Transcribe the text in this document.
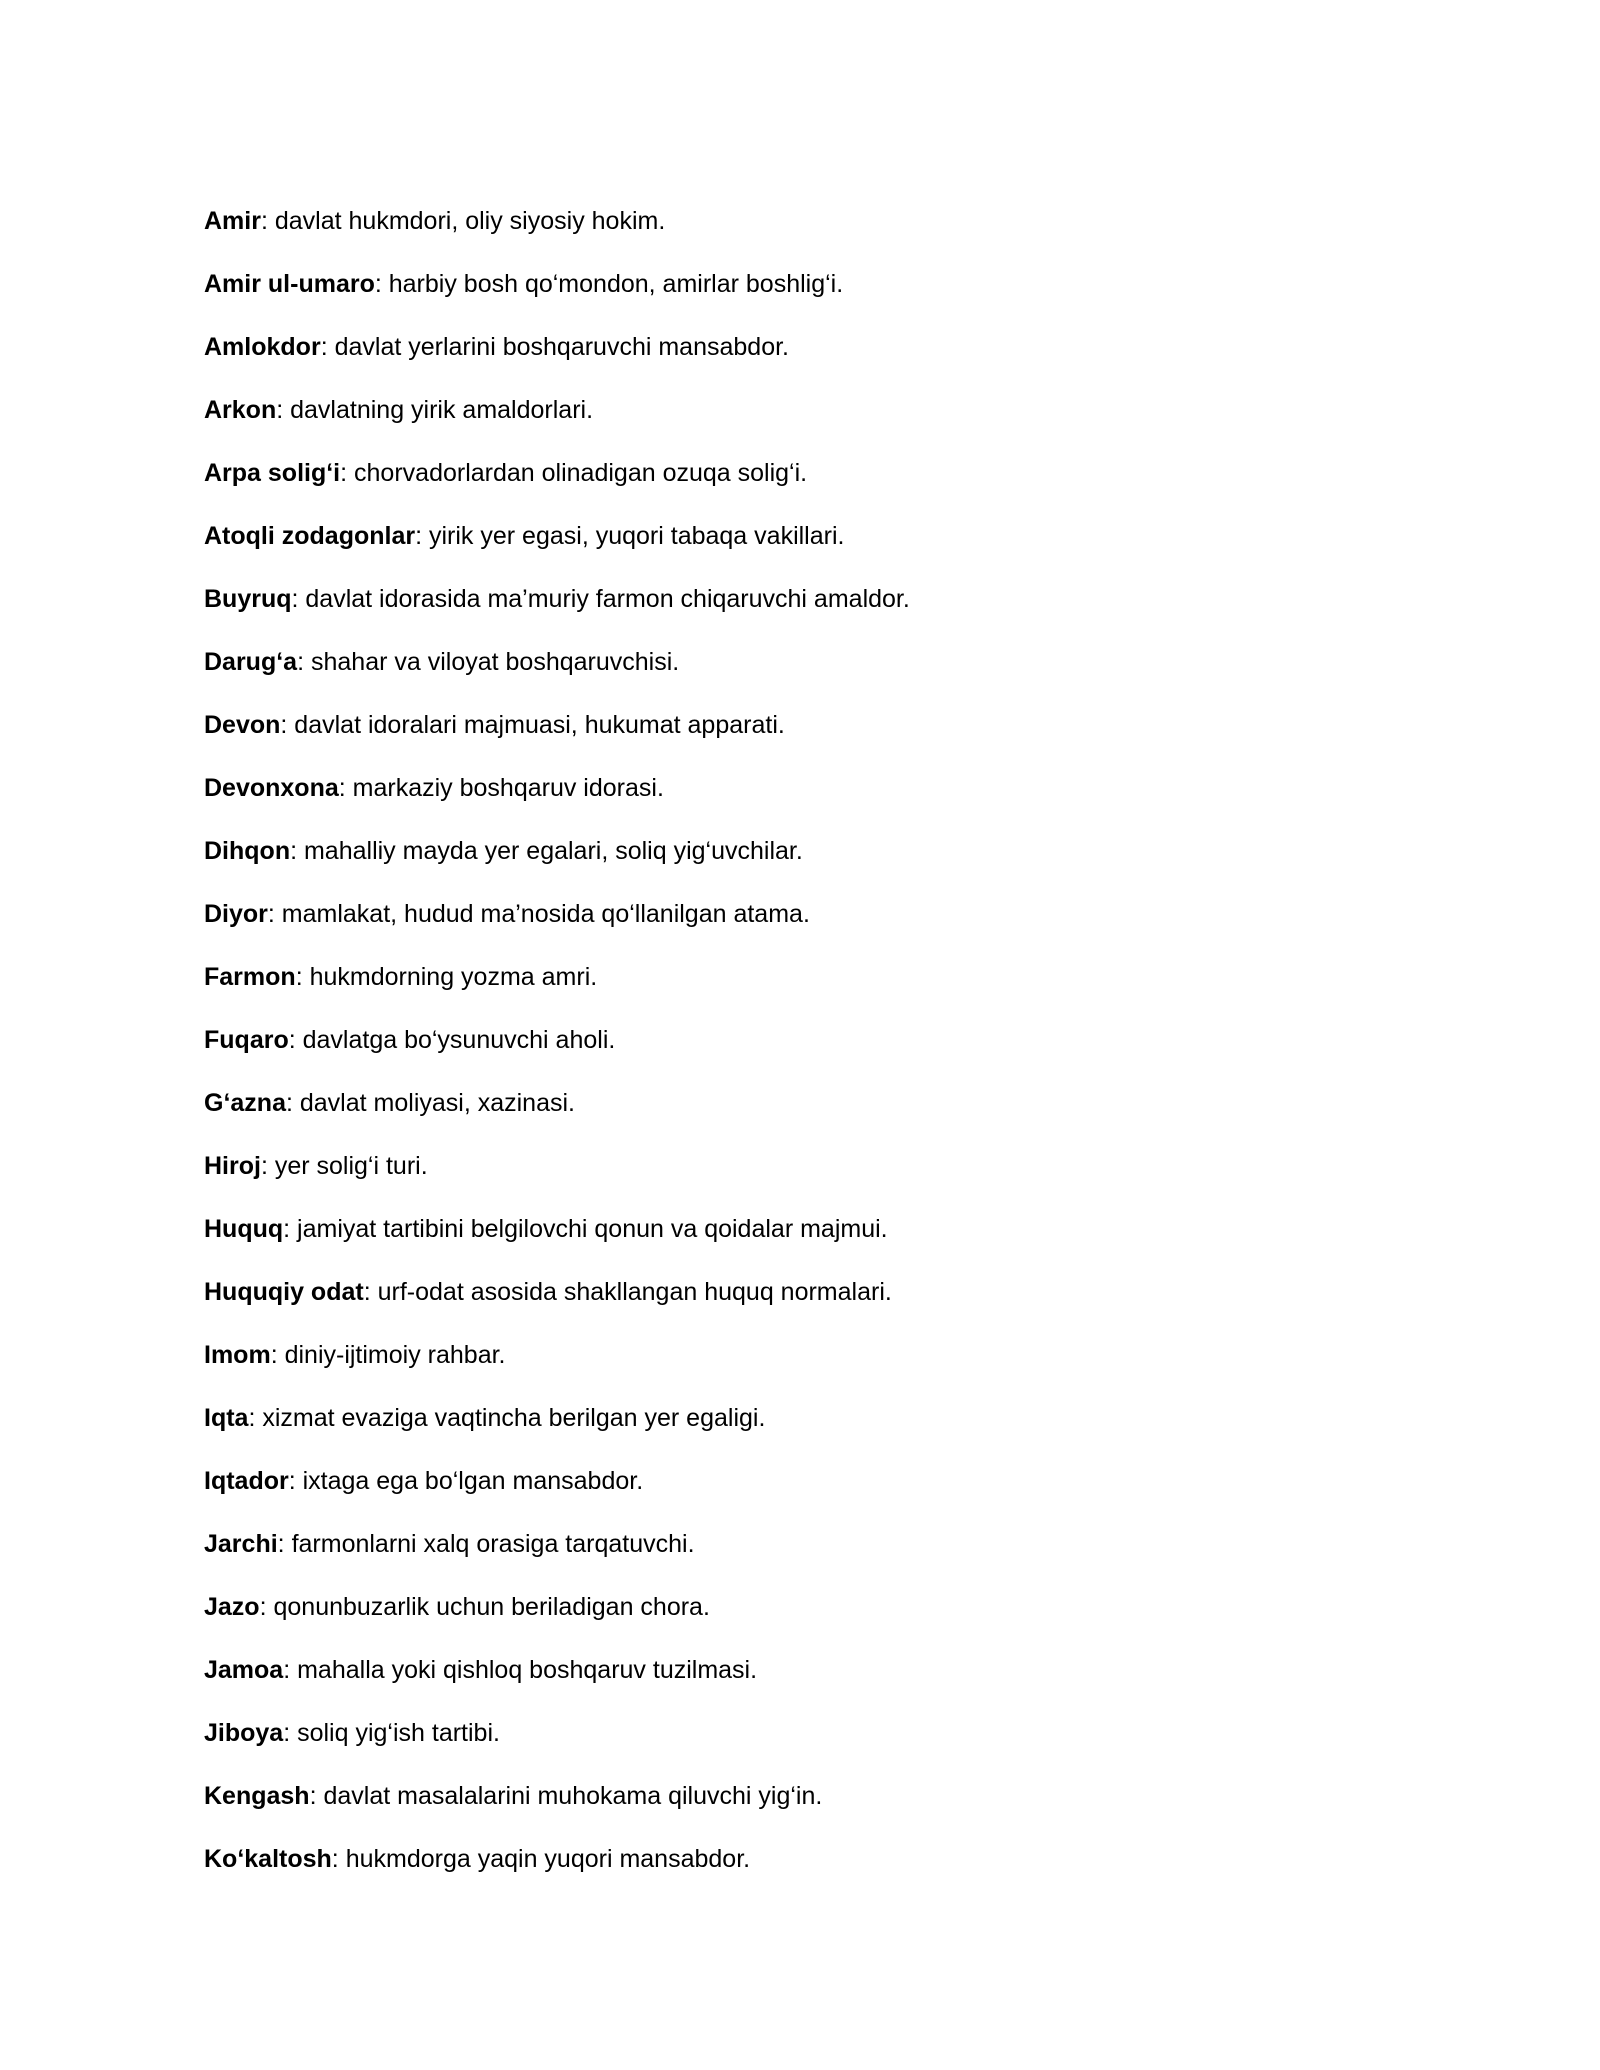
Amir: davlat hukmdori, oliy siyosiy hokim.
Amir ul-umaro: harbiy bosh qo‘mondon, amirlar boshlig‘i.
Amlokdor: davlat yerlarini boshqaruvchi mansabdor.
Arkon: davlatning yirik amaldorlari.
Arpa solig‘i: chorvadorlardan olinadigan ozuqa solig‘i.
Atoqli zodagonlar: yirik yer egasi, yuqori tabaqa vakillari.
Buyruq: davlat idorasida ma’muriy farmon chiqaruvchi amaldor.
Darug‘a: shahar va viloyat boshqaruvchisi.
Devon: davlat idoralari majmuasi, hukumat apparati.
Devonxona: markaziy boshqaruv idorasi.
Dihqon: mahalliy mayda yer egalari, soliq yig‘uvchilar.
Diyor: mamlakat, hudud ma’nosida qo‘llanilgan atama.
Farmon: hukmdorning yozma amri.
Fuqaro: davlatga bo‘ysunuvchi aholi.
G‘azna: davlat moliyasi, xazinasi.
Hiroj: yer solig‘i turi.
Huquq: jamiyat tartibini belgilovchi qonun va qoidalar majmui.
Huquqiy odat: urf-odat asosida shakllangan huquq normalari.
Imom: diniy-ijtimoiy rahbar.
Iqta: xizmat evaziga vaqtincha berilgan yer egaligi.
Iqtador: ixtaga ega bo‘lgan mansabdor.
Jarchi: farmonlarni xalq orasiga tarqatuvchi.
Jazo: qonunbuzarlik uchun beriladigan chora.
Jamoa: mahalla yoki qishloq boshqaruv tuzilmasi.
Jiboya: soliq yig‘ish tartibi.
Kengash: davlat masalalarini muhokama qiluvchi yig‘in.
Ko‘kaltosh: hukmdorga yaqin yuqori mansabdor.
